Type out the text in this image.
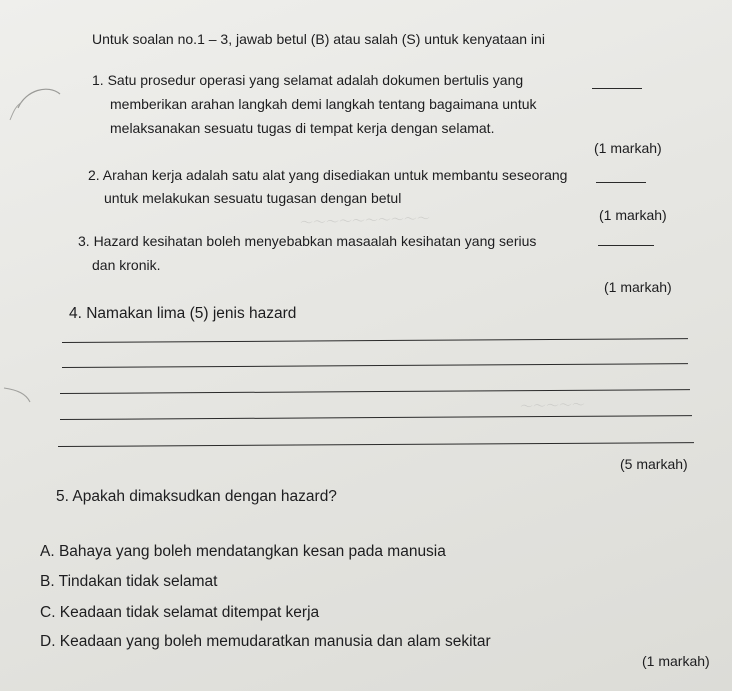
～～～～～～～～～～
～～～～～
Untuk soalan no.1 – 3, jawab betul (B) atau salah (S) untuk kenyataan ini
1. Satu prosedur operasi yang selamat adalah dokumen bertulis yang
memberikan arahan langkah demi langkah tentang bagaimana untuk
melaksanakan sesuatu tugas di tempat kerja dengan selamat.
(1 markah)
2. Arahan kerja adalah satu alat yang disediakan untuk membantu seseorang
untuk melakukan sesuatu tugasan dengan betul
(1 markah)
3. Hazard kesihatan boleh menyebabkan masaalah kesihatan yang serius
dan kronik.
(1 markah)
4. Namakan lima (5) jenis hazard
(5 markah)
5. Apakah dimaksudkan dengan hazard?
A. Bahaya yang boleh mendatangkan kesan pada manusia
B. Tindakan tidak selamat
C. Keadaan tidak selamat ditempat kerja
D. Keadaan yang boleh memudaratkan manusia dan alam sekitar
(1 markah)
